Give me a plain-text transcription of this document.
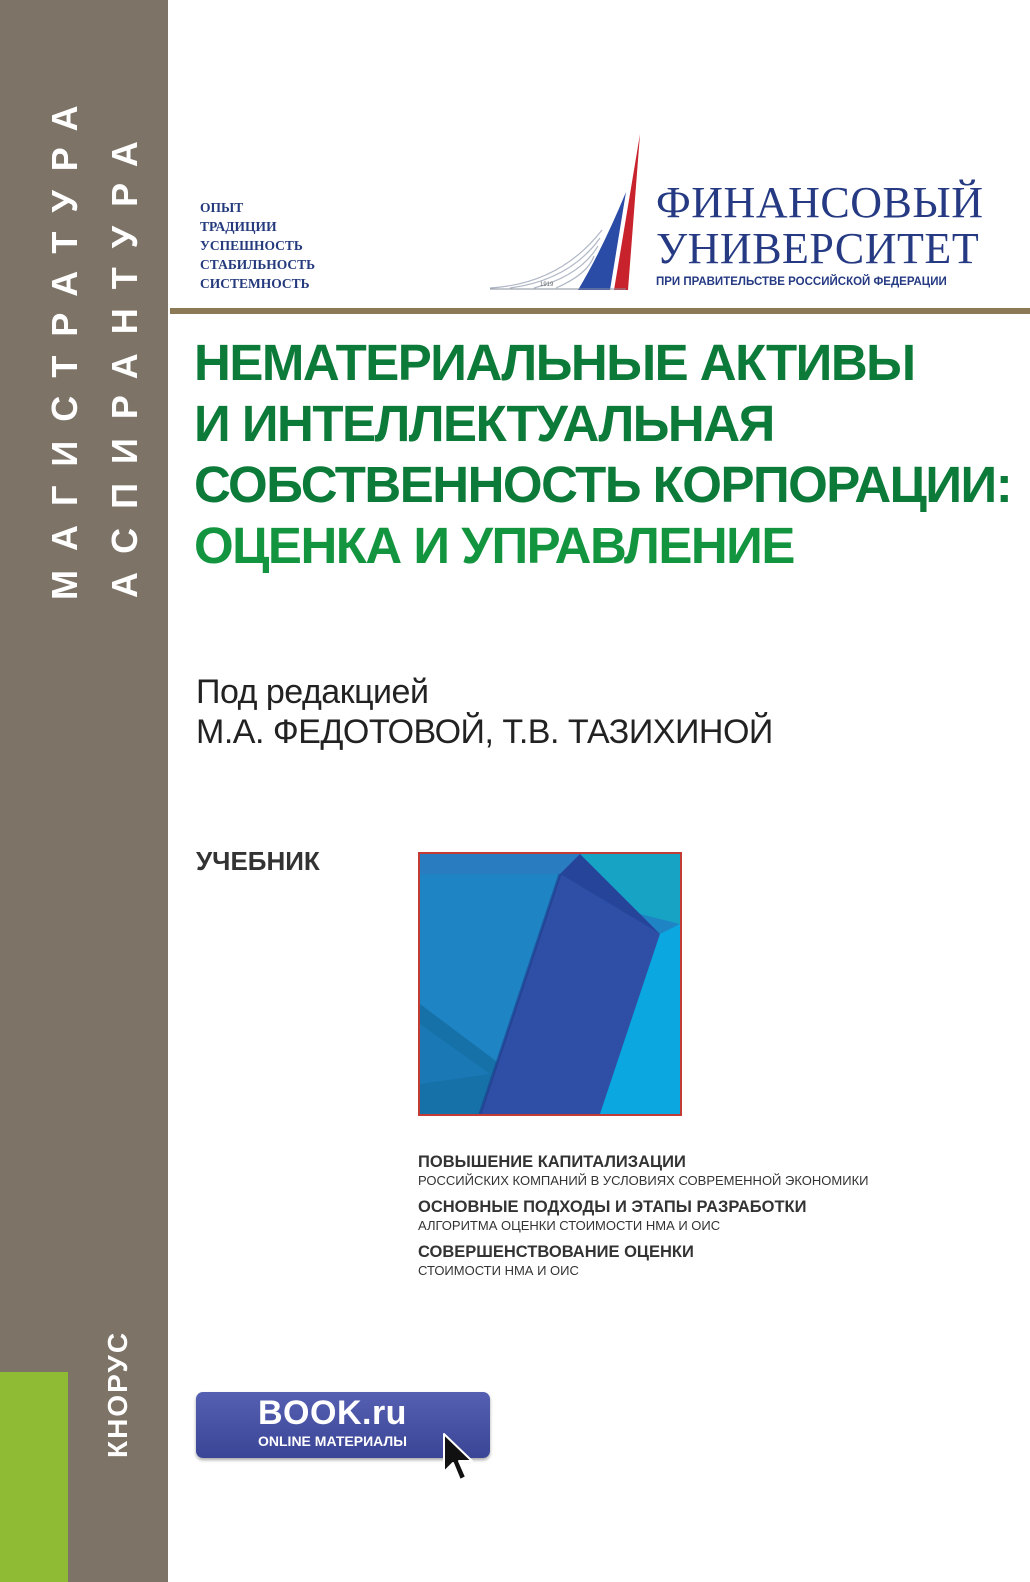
МАГИСТРАТУРА АСПИРАНТУРА
КНОРУС
ОПЫТ
ТРАДИЦИИ
УСПЕШНОСТЬ
СТАБИЛЬНОСТЬ
СИСТЕМНОСТЬ	1919
ФИНАНСОВЫЙ
УНИВЕРСИТЕТ
ПРИ ПРАВИТЕЛЬСТВЕ РОССИЙСКОЙ ФЕДЕРАЦИИ
НЕМАТЕРИАЛЬНЫЕ АКТИВЫ
И ИНТЕЛЛЕКТУАЛЬНАЯ
СОБСТВЕННОСТЬ КОРПОРАЦИИ:
ОЦЕНКА И УПРАВЛЕНИЕ
Под редакцией
М.А. ФЕДОТОВОЙ, Т.В. ТАЗИХИНОЙ
УЧЕБНИК
ПОВЫШЕНИЕ КАПИТАЛИЗАЦИИ
РОССИЙСКИХ КОМПАНИЙ В УСЛОВИЯХ СОВРЕМЕННОЙ ЭКОНОМИКИ
ОСНОВНЫЕ ПОДХОДЫ И ЭТАПЫ РАЗРАБОТКИ
АЛГОРИТМА ОЦЕНКИ СТОИМОСТИ НМА И ОИС
СОВЕРШЕНСТВОВАНИЕ ОЦЕНКИ
СТОИМОСТИ НМА И ОИС
BOOK.ru
ONLINE МАТЕРИАЛЫ
